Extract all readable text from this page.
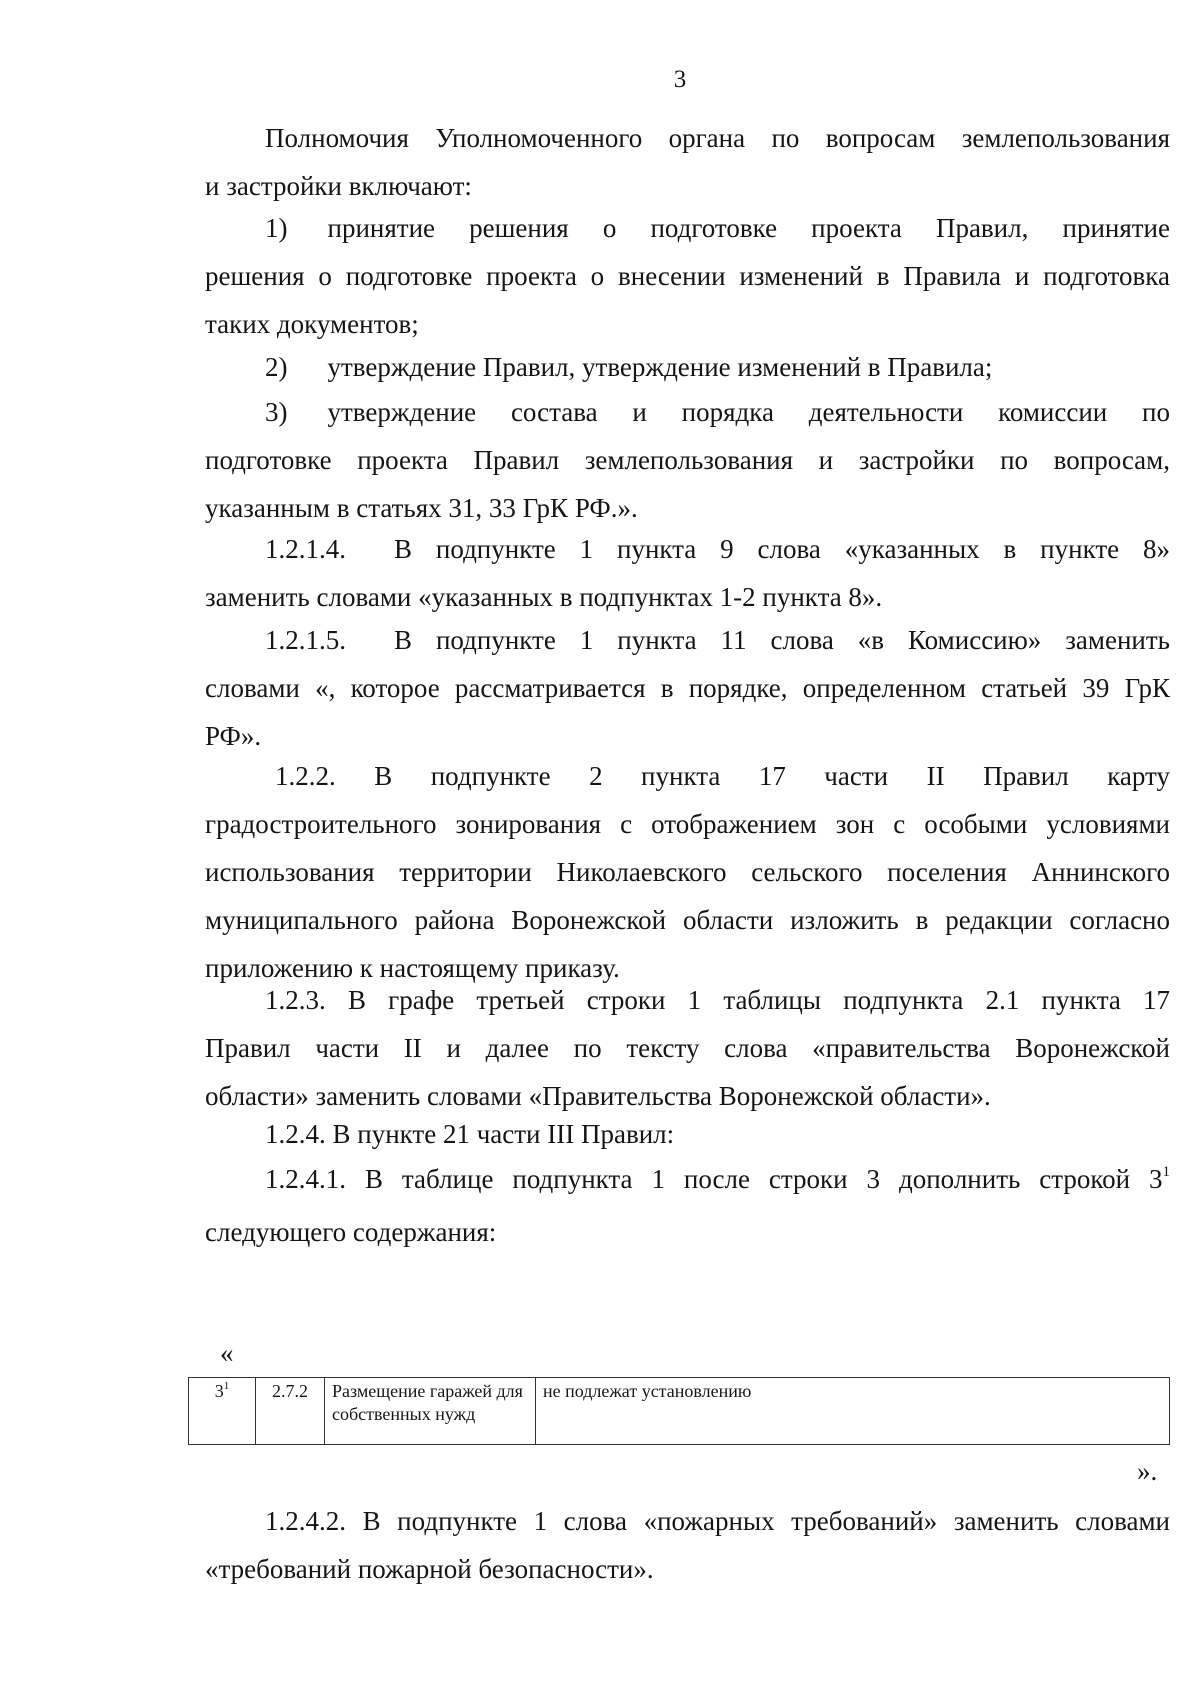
3
Полномочия Уполномоченного органа по вопросам землепользования
и застройки включают:
1) принятие решения о подготовке проекта Правил, принятие
решения о подготовке проекта о внесении изменений в Правила и подготовка
таких документов;
2) утверждение Правил, утверждение изменений в Правила;
3) утверждение состава и порядка деятельности комиссии по
подготовке проекта Правил землепользования и застройки по вопросам,
указанным в статьях 31, 33 ГрК РФ.».
1.2.1.4. В подпункте 1 пункта 9 слова «указанных в пункте 8»
заменить словами «указанных в подпунктах 1-2 пункта 8».
1.2.1.5. В подпункте 1 пункта 11 слова «в Комиссию» заменить
словами «, которое рассматривается в порядке, определенном статьей 39 ГрК
РФ».
1.2.2. В подпункте 2 пункта 17 части II Правил карту
градостроительного зонирования с отображением зон с особыми условиями
использования территории Николаевского сельского поселения Аннинского
муниципального района Воронежской области изложить в редакции согласно
приложению к настоящему приказу.
1.2.3. В графе третьей строки 1 таблицы подпункта 2.1 пункта 17
Правил части II и далее по тексту слова «правительства Воронежской
области» заменить словами «Правительства Воронежской области».
1.2.4. В пункте 21 части III Правил:
1.2.4.1. В таблице подпункта 1 после строки 3 дополнить строкой $3^1$
следующего содержания:
«
$3^1$	2.7.2	Размещение гаражей для собственных нужд	не подлежат установлению
».
1.2.4.2. В подпункте 1 слова «пожарных требований» заменить словами
«требований пожарной безопасности».
